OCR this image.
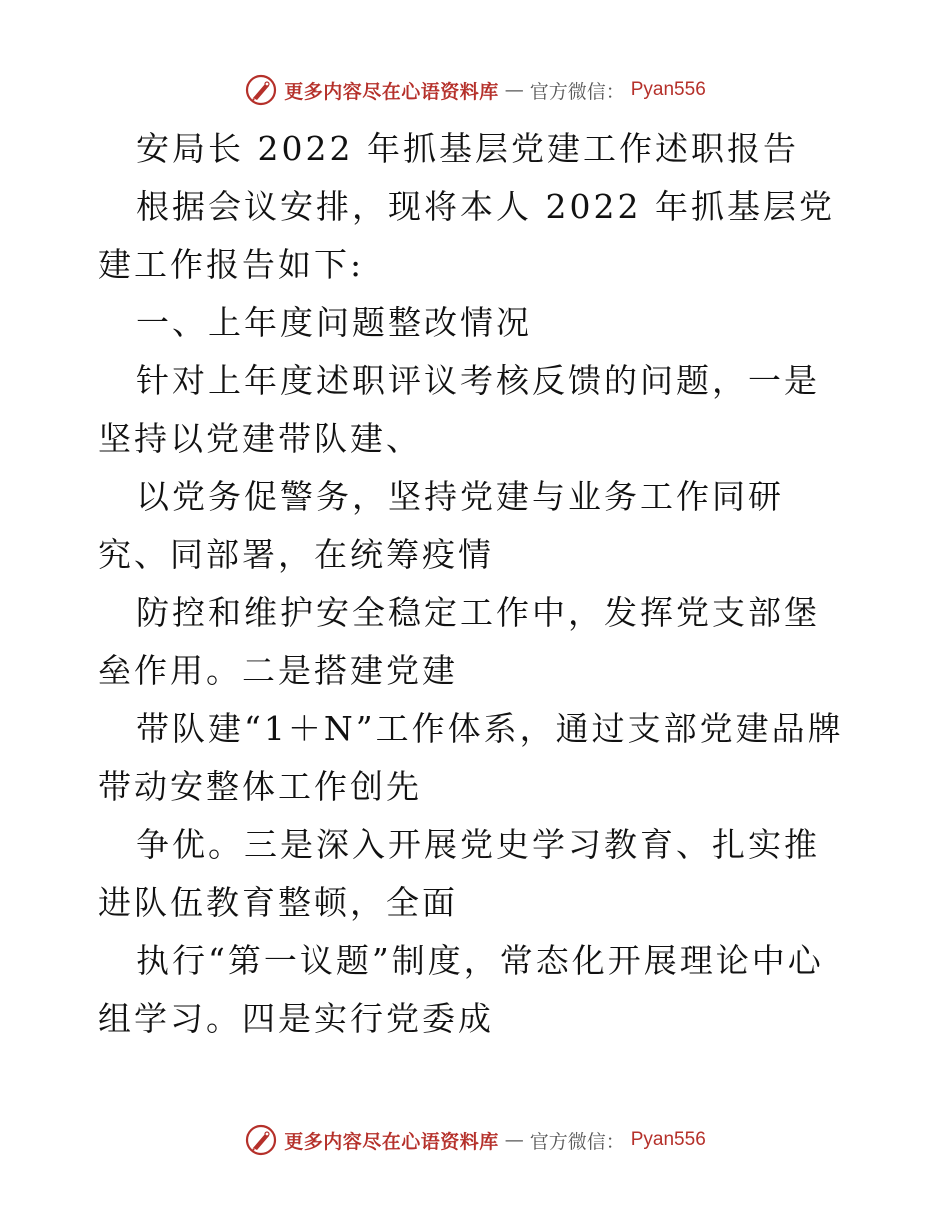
更多内容尽在心语资料库 — 官方微信： Pyan556

安局长 2022 年抓基层党建工作述职报告

根据会议安排，现将本人 2022 年抓基层党建工作报告如下:

一、上年度问题整改情况

针对上年度述职评议考核反馈的问题，一是坚持以党建带队建、

以党务促警务，坚持党建与业务工作同研究、同部署，在统筹疫情

防控和维护安全稳定工作中，发挥党支部堡垒作用。二是搭建党建

带队建“1＋N”工作体系，通过支部党建品牌带动安整体工作创先

争优。三是深入开展党史学习教育、扎实推进队伍教育整顿，全面

执行“第一议题”制度，常态化开展理论中心组学习。四是实行党委成

更多内容尽在心语资料库 — 官方微信： Pyan556
